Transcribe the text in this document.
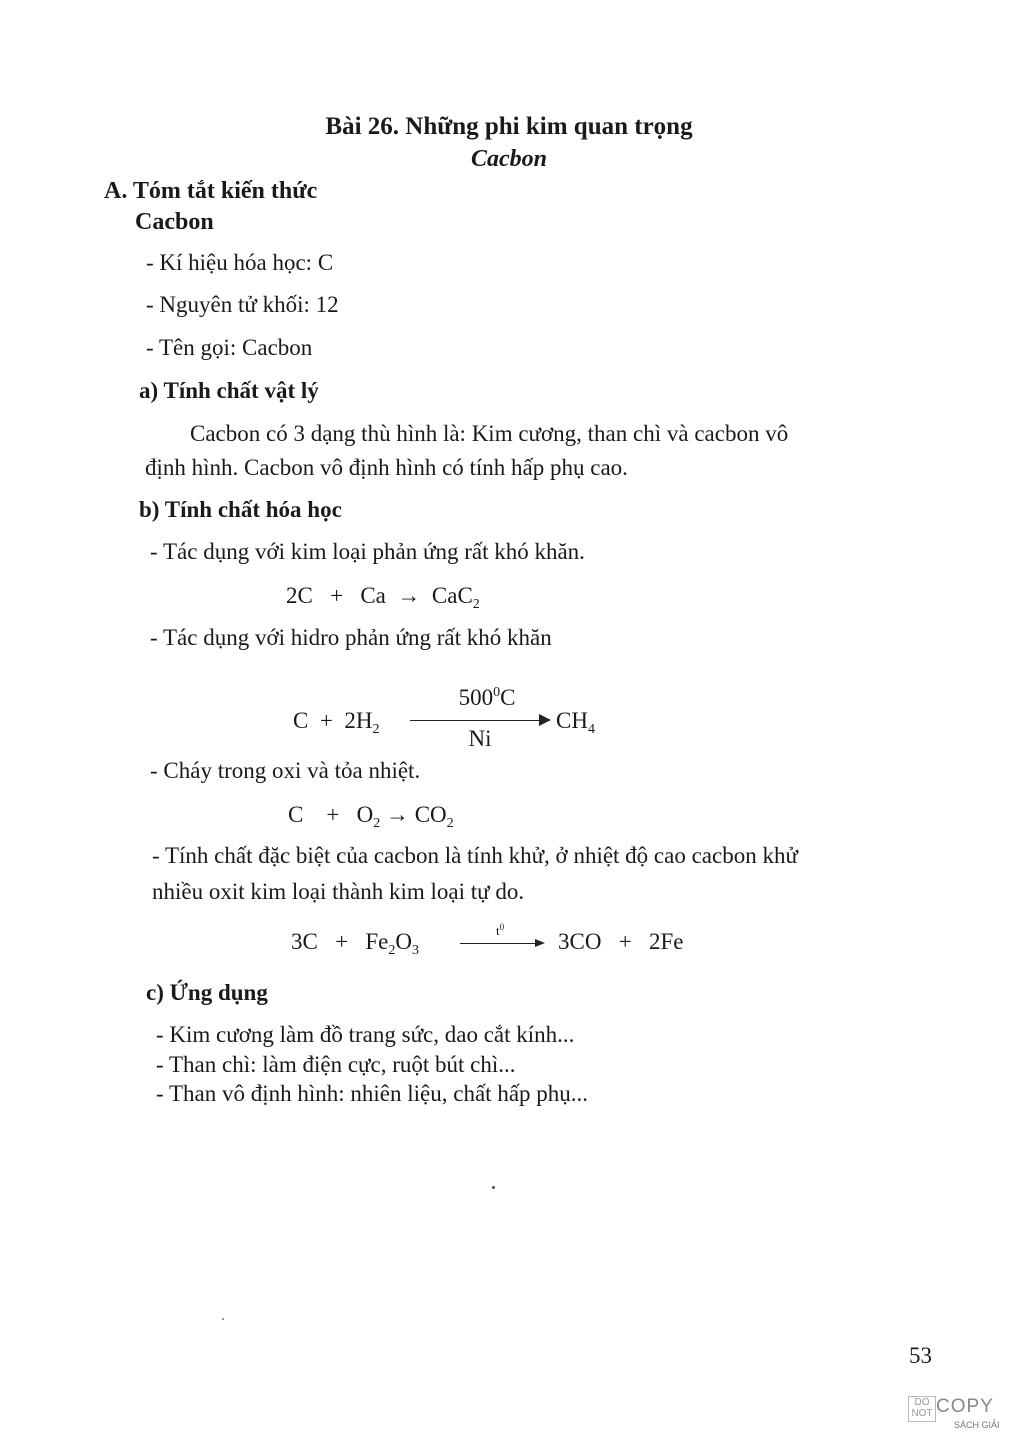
Bài 26. Những phi kim quan trọng
Cacbon
A. Tóm tắt kiến thức
Cacbon
- Kí hiệu hóa học: C
- Nguyên tử khối: 12
- Tên gọi: Cacbon
a) Tính chất vật lý
Cacbon có 3 dạng thù hình là: Kim cương, than chì và cacbon vô
định hình. Cacbon vô định hình có tính hấp phụ cao.
b) Tính chất hóa học
- Tác dụng với kim loại phản ứng rất khó khăn.
2C   +   Ca → CaC$_2$
- Tác dụng với hidro phản ứng rất khó khăn
$C + 2H_2$
$500^0C$
Ni
$CH_4$
- Cháy trong oxi và tỏa nhiệt.
C    +   $O_2 \to CO_2$
- Tính chất đặc biệt của cacbon là tính khử, ở nhiệt độ cao cacbon khử
nhiều oxit kim loại thành kim loại tự do.
$3C + Fe_2O_3$
$t^0$
3CO   +   2Fe
c) Ứng dụng
- Kim cương làm đồ trang sức, dao cắt kính...
- Than chì: làm điện cực, ruột bút chì...
- Than vô định hình: nhiên liệu, chất hấp phụ...
53
DO
NOT COPY
SÁCH GIẢI
